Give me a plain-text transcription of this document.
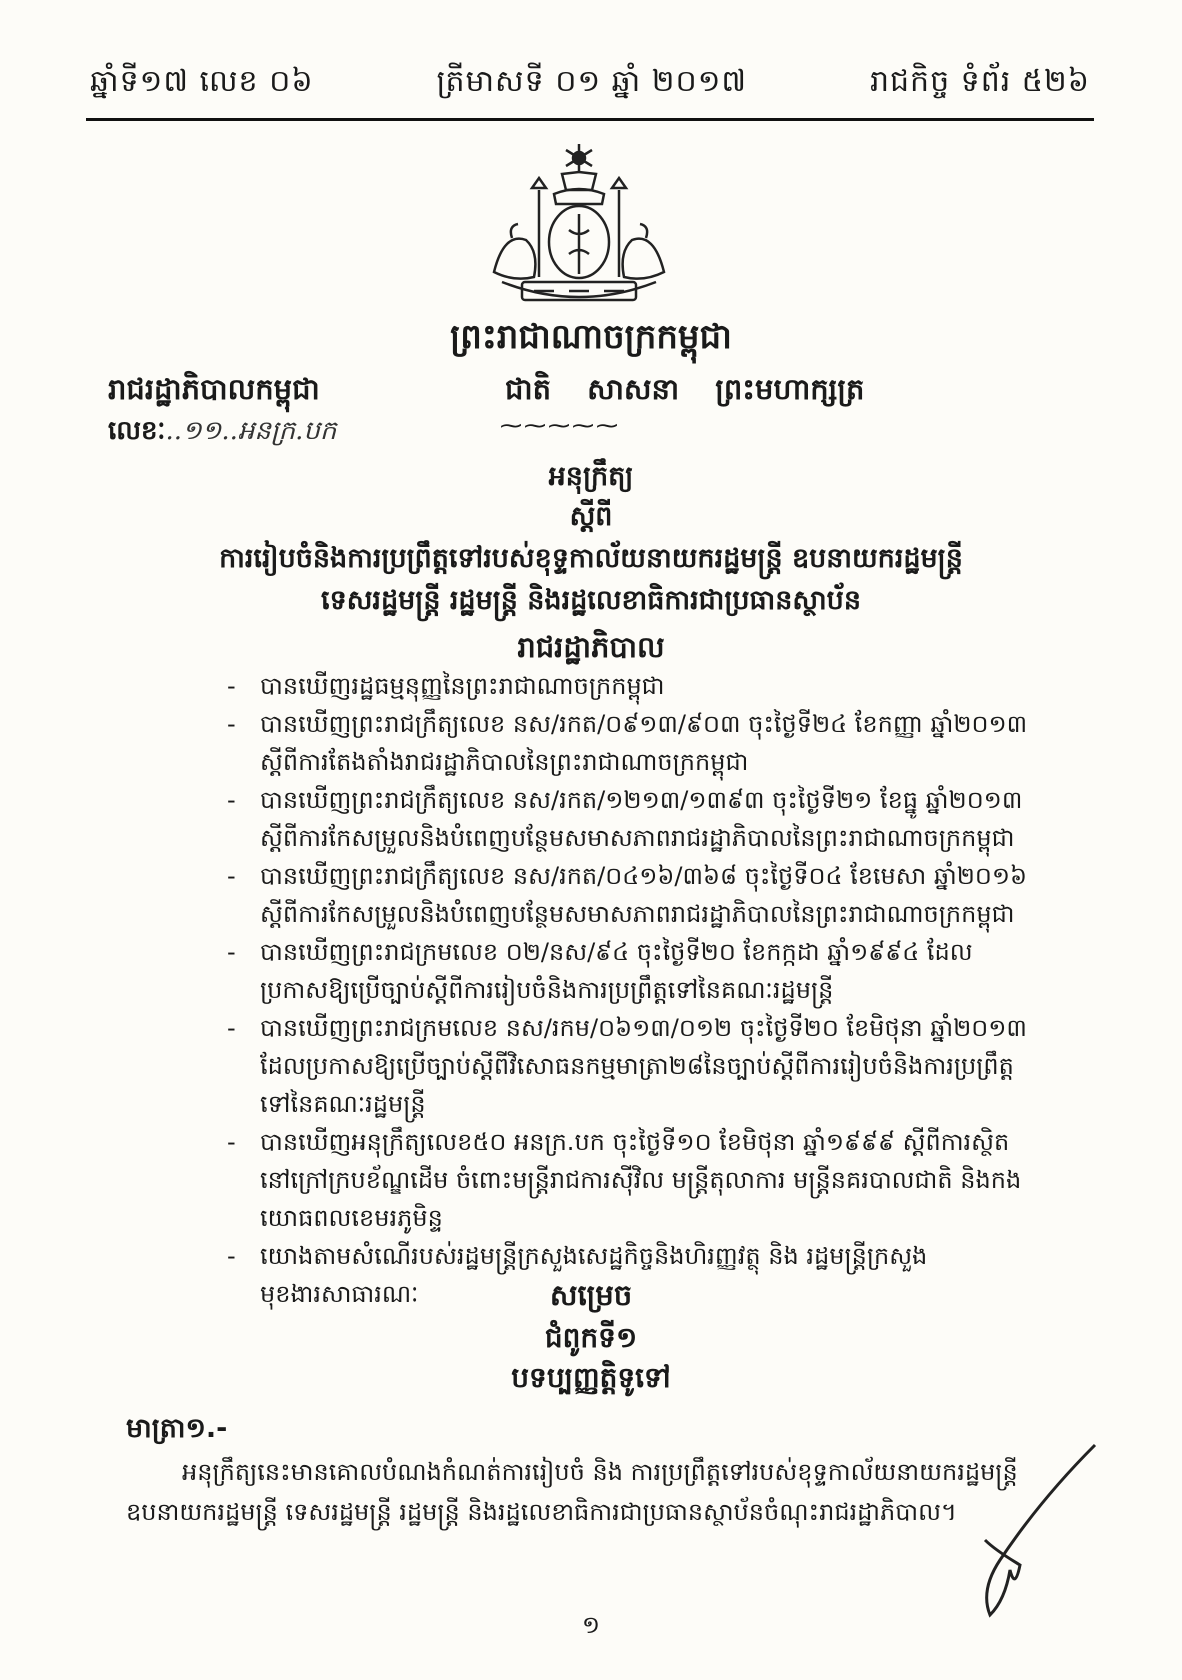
ឆ្នាំទី១៧ លេខ ០៦	ត្រីមាសទី ០១ ឆ្នាំ ២០១៧	រាជកិច្ច ទំព័រ ៥២៦
ព្រះរាជាណាចក្រកម្ពុជា
រាជរដ្ឋាភិបាលកម្ពុជា	ជាតិ សាសនា ព្រះមហាក្សត្រ
លេខៈ..១១..អនក្រ.បក	⁓⁓⁓⁓⁓
អនុក្រឹត្យ
ស្តីពី
ការរៀបចំនិងការប្រព្រឹត្តទៅរបស់ខុទ្ទកាល័យនាយករដ្ឋមន្ត្រី ឧបនាយករដ្ឋមន្ត្រី
ទេសរដ្ឋមន្ត្រី រដ្ឋមន្ត្រី និងរដ្ឋលេខាធិការជាប្រធានស្ថាប័ន
រាជរដ្ឋាភិបាល
- បានឃើញរដ្ឋធម្មនុញ្ញនៃព្រះរាជាណាចក្រកម្ពុជា
- បានឃើញព្រះរាជក្រឹត្យលេខ នស/រកត/០៩១៣/៩០៣ ចុះថ្ងៃទី២៤ ខែកញ្ញា ឆ្នាំ២០១៣ ស្តីពីការតែងតាំងរាជរដ្ឋាភិបាលនៃព្រះរាជាណាចក្រកម្ពុជា
- បានឃើញព្រះរាជក្រឹត្យលេខ នស/រកត/១២១៣/១៣៩៣ ចុះថ្ងៃទី២១ ខែធ្នូ ឆ្នាំ២០១៣ ស្តីពីការកែសម្រួលនិងបំពេញបន្ថែមសមាសភាពរាជរដ្ឋាភិបាលនៃព្រះរាជាណាចក្រកម្ពុជា
- បានឃើញព្រះរាជក្រឹត្យលេខ នស/រកត/០៤១៦/៣៦៨ ចុះថ្ងៃទី០៤ ខែមេសា ឆ្នាំ២០១៦ ស្តីពីការកែសម្រួលនិងបំពេញបន្ថែមសមាសភាពរាជរដ្ឋាភិបាលនៃព្រះរាជាណាចក្រកម្ពុជា
- បានឃើញព្រះរាជក្រមលេខ ០២/នស/៩៤ ចុះថ្ងៃទី២០ ខែកក្កដា ឆ្នាំ១៩៩៤ ដែលប្រកាសឱ្យប្រើច្បាប់ស្តីពីការរៀបចំនិងការប្រព្រឹត្តទៅនៃគណៈរដ្ឋមន្ត្រី
- បានឃើញព្រះរាជក្រមលេខ នស/រកម/០៦១៣/០១២ ចុះថ្ងៃទី២០ ខែមិថុនា ឆ្នាំ២០១៣ ដែលប្រកាសឱ្យប្រើច្បាប់ស្តីពីវិសោធនកម្មមាត្រា២៨នៃច្បាប់ស្តីពីការរៀបចំនិងការប្រព្រឹត្តទៅនៃគណៈរដ្ឋមន្ត្រី
- បានឃើញអនុក្រឹត្យលេខ៥០ អនក្រ.បក ចុះថ្ងៃទី១០ ខែមិថុនា ឆ្នាំ១៩៩៩ ស្តីពីការស្ថិតនៅក្រៅក្របខ័ណ្ឌដើម ចំពោះមន្ត្រីរាជការស៊ីវិល មន្ត្រីតុលាការ មន្ត្រីនគរបាលជាតិ និងកងយោធពលខេមរភូមិន្ទ
- យោងតាមសំណើរបស់រដ្ឋមន្ត្រីក្រសួងសេដ្ឋកិច្ចនិងហិរញ្ញវត្ថុ និង រដ្ឋមន្ត្រីក្រសួងមុខងារសាធារណៈ	សម្រេច
ជំពូកទី១
បទប្បញ្ញត្តិទូទៅ
មាត្រា១.-
អនុក្រឹត្យនេះមានគោលបំណងកំណត់ការរៀបចំ និង ការប្រព្រឹត្តទៅរបស់ខុទ្ទកាល័យនាយករដ្ឋមន្ត្រី ឧបនាយករដ្ឋមន្ត្រី ទេសរដ្ឋមន្ត្រី រដ្ឋមន្ត្រី និងរដ្ឋលេខាធិការជាប្រធានស្ថាប័នចំណុះរាជរដ្ឋាភិបាល។
១
